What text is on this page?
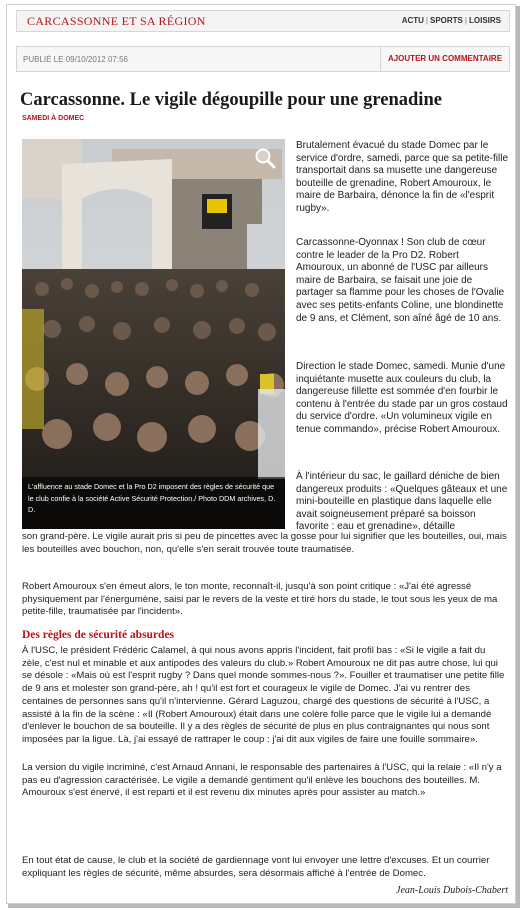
CARCASSONNE ET SA RÉGION	ACTU | SPORTS | LOISIRS
PUBLIÉ LE 09/10/2012 07:56	AJOUTER UN COMMENTAIRE
Carcassonne. Le vigile dégoupille pour une grenadine
SAMEDI À DOMEC
L'affluence au stade Domec et la Pro D2 imposent des règles de sécurité que le club confie à la société Active Sécurité Protection./ Photo DDM archives, D. D.

Brutalement évacué du stade Domec par le service d'ordre, samedi, parce que sa petite-fille transportait dans sa musette une dangereuse bouteille de grenadine, Robert Amouroux, le maire de Barbaira, dénonce la fin de «l'esprit rugby».

Carcassonne-Oyonnax ! Son club de cœur contre le leader de la Pro D2. Robert Amouroux, un abonné de l'USC par ailleurs maire de Barbaira, se faisait une joie de partager sa flamme pour les choses de l'Ovalie avec ses petits-enfants Coline, une blondinette de 9 ans, et Clément, son aîné âgé de 10 ans.

Direction le stade Domec, samedi. Munie d'une inquiétante musette aux couleurs du club, la dangereuse fillette est sommée d'en fourbir le contenu à l'entrée du stade par un gros costaud du service d'ordre. «Un volumineux vigile en tenue commando», précise Robert Amouroux.

À l'intérieur du sac, le gaillard déniche de bien dangereux produits : «Quelques gâteaux et une mini-bouteille en plastique dans laquelle elle avait soigneusement préparé sa boisson favorite : eau et grenadine», détaille

son grand-père. Le vigile aurait pris si peu de pincettes avec la gosse pour lui signifier que les bouteilles, oui, mais les bouteilles avec bouchon, non, qu'elle s'en serait trouvée toute traumatisée.

Robert Amouroux s'en émeut alors, le ton monte, reconnaît-il, jusqu'à son point critique : «J'ai été agressé physiquement par l'énergumène, saisi par le revers de la veste et tiré hors du stade, le tout sous les yeux de ma petite-fille, traumatisée par l'incident».

Des règles de sécurité absurdes

À l'USC, le président Frédéric Calamel, à qui nous avons appris l'incident, fait profil bas : «Si le vigile a fait du zèle, c'est nul et minable et aux antipodes des valeurs du club.» Robert Amouroux ne dit pas autre chose, lui qui se désole : «Mais où est l'esprit rugby ? Dans quel monde sommes-nous ?». Fouiller et traumatiser une petite fille de 9 ans et molester son grand-père, ah ! qu'il est fort et courageux le vigile de Domec. J'ai vu rentrer des centaines de personnes sans qu'il n'intervienne. Gérard Laguzou, chargé des questions de sécurité à l'USC, a assisté à la fin de la scène : «Il (Robert Amouroux) était dans une colère folle parce que le vigile lui a demandé d'enlever le bouchon de sa bouteille. Il y a des règles de sécurité de plus en plus contraignantes qui nous sont imposées par la ligue. Là, j'ai essayé de rattraper le coup : j'ai dit aux vigiles de faire une fouille sommaire».

La version du vigile incriminé, c'est Arnaud Annani, le responsable des partenaires à l'USC, qui la relaie : «Il n'y a pas eu d'agression caractérisée. Le vigile a demandé gentiment qu'il enlève les bouchons des bouteilles. M. Amouroux s'est énervé, il est reparti et il est revenu dix minutes après pour assister au match.»

En tout état de cause, le club et la société de gardiennage vont lui envoyer une lettre d'excuses. Et un courrier expliquant les règles de sécurité, même absurdes, sera désormais affiché à l'entrée de Domec.

Jean-Louis Dubois-Chabert
